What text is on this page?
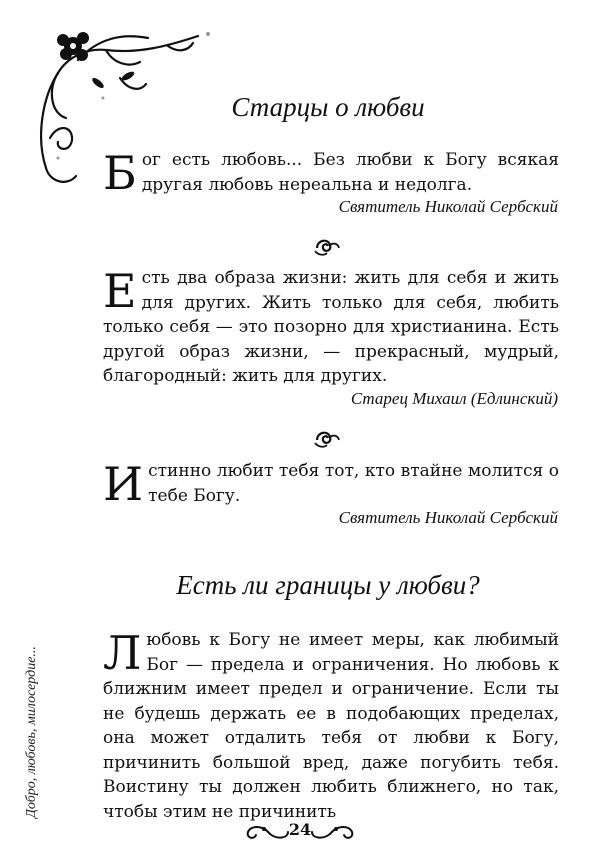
Добро, любовь, милосердие...
Старцы о любви
Бог есть любовь... Без любви к Богу всякая другая любовь нереальна и недолга.
Святитель Николай Сербский
Есть два образа жизни: жить для себя и жить для других. Жить только для себя, любить только себя — это позорно для христианина. Есть другой образ жизни, — прекрасный, мудрый, благородный: жить для других.
Старец Михаил (Едлинский)
Истинно любит тебя тот, кто втайне молится о тебе Богу.
Святитель Николай Сербский
Есть ли границы у любви?
Любовь к Богу не имеет меры, как любимый Бог — предела и ограничения. Но любовь к ближним имеет предел и ограничение. Если ты не будешь держать ее в подобающих пределах, она может отдалить тебя от любви к Богу, причинить большой вред, даже погубить тебя. Воистину ты должен любить ближнего, но так, чтобы этим не причинить
24
